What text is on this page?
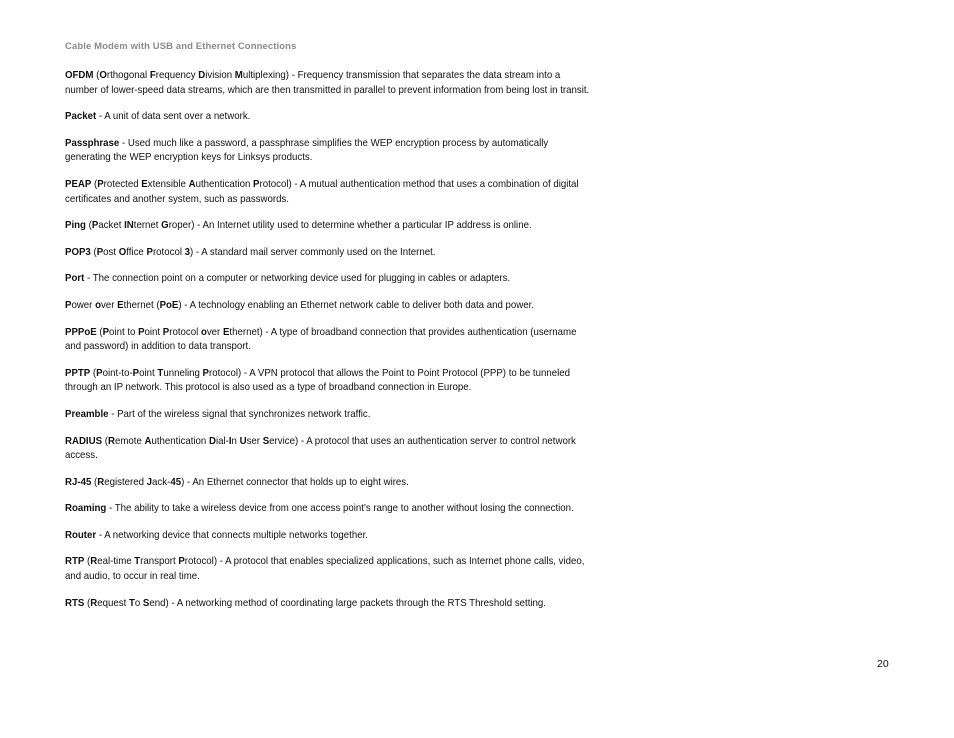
Cable Modem with USB and Ethernet Connections

OFDM (Orthogonal Frequency Division Multiplexing) - Frequency transmission that separates the data stream into a number of lower-speed data streams, which are then transmitted in parallel to prevent information from being lost in transit.

Packet - A unit of data sent over a network.

Passphrase - Used much like a password, a passphrase simplifies the WEP encryption process by automatically generating the WEP encryption keys for Linksys products.

PEAP (Protected Extensible Authentication Protocol) - A mutual authentication method that uses a combination of digital certificates and another system, such as passwords.

Ping (Packet INternet Groper) - An Internet utility used to determine whether a particular IP address is online.

POP3 (Post Office Protocol 3) - A standard mail server commonly used on the Internet.

Port - The connection point on a computer or networking device used for plugging in cables or adapters.

Power over Ethernet (PoE) - A technology enabling an Ethernet network cable to deliver both data and power.

PPPoE (Point to Point Protocol over Ethernet) - A type of broadband connection that provides authentication (username and password) in addition to data transport.

PPTP (Point-to-Point Tunneling Protocol) - A VPN protocol that allows the Point to Point Protocol (PPP) to be tunneled through an IP network. This protocol is also used as a type of broadband connection in Europe.

Preamble - Part of the wireless signal that synchronizes network traffic.

RADIUS (Remote Authentication Dial-In User Service) - A protocol that uses an authentication server to control network access.

RJ-45 (Registered Jack-45) - An Ethernet connector that holds up to eight wires.

Roaming - The ability to take a wireless device from one access point's range to another without losing the connection.

Router - A networking device that connects multiple networks together.

RTP (Real-time Transport Protocol) - A protocol that enables specialized applications, such as Internet phone calls, video, and audio, to occur in real time.

RTS (Request To Send) - A networking method of coordinating large packets through the RTS Threshold setting.

20
